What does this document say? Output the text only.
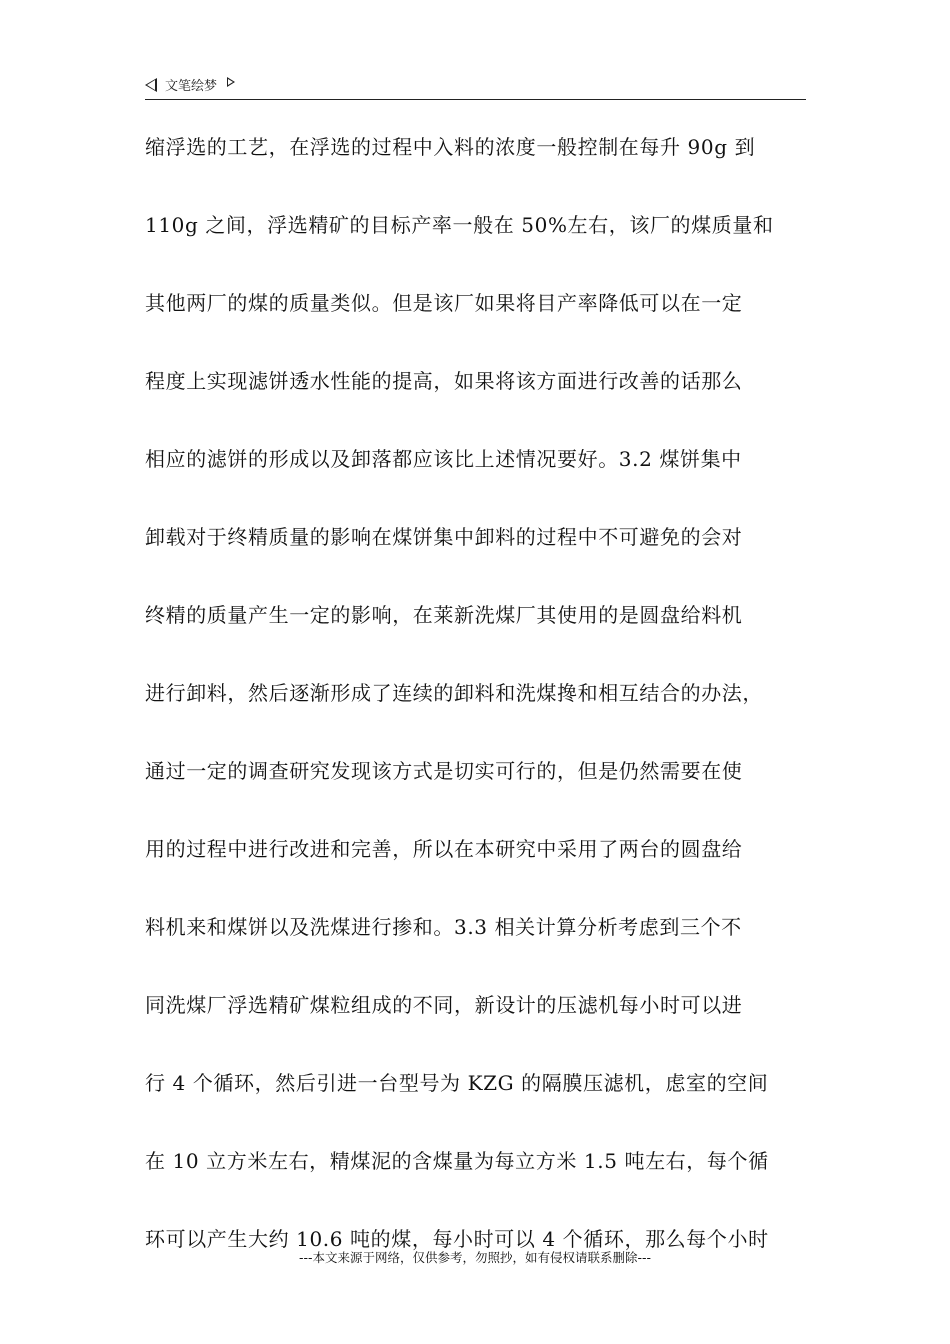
文笔绘梦
缩浮选的工艺，在浮选的过程中入料的浓度一般控制在每升 90g 到
110g 之间，浮选精矿的目标产率一般在 50%左右，该厂的煤质量和
其他两厂的煤的质量类似。但是该厂如果将目产率降低可以在一定
程度上实现滤饼透水性能的提高，如果将该方面进行改善的话那么
相应的滤饼的形成以及卸落都应该比上述情况要好。3.2 煤饼集中
卸载对于终精质量的影响在煤饼集中卸料的过程中不可避免的会对
终精的质量产生一定的影响，在莱新洗煤厂其使用的是圆盘给料机
进行卸料，然后逐渐形成了连续的卸料和洗煤搀和相互结合的办法，
通过一定的调查研究发现该方式是切实可行的，但是仍然需要在使
用的过程中进行改进和完善，所以在本研究中采用了两台的圆盘给
料机来和煤饼以及洗煤进行掺和。3.3 相关计算分析考虑到三个不
同洗煤厂浮选精矿煤粒组成的不同，新设计的压滤机每小时可以进
行 4 个循环，然后引进一台型号为 KZG 的隔膜压滤机，虑室的空间
在 10 立方米左右，精煤泥的含煤量为每立方米 1.5 吨左右，每个循
环可以产生大约 10.6 吨的煤，每小时可以 4 个循环，那么每个小时
---本文来源于网络，仅供参考，勿照抄，如有侵权请联系删除---
